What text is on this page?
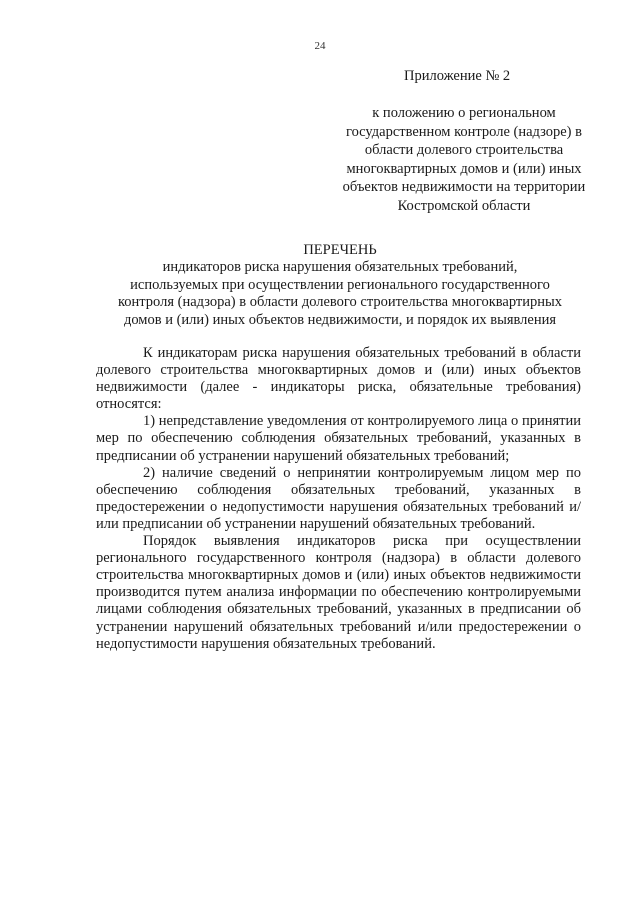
24
Приложение № 2
к положению о региональном
государственном контроле (надзоре) в
области долевого строительства
многоквартирных домов и (или) иных
объектов недвижимости на территории
Костромской области
ПЕРЕЧЕНЬ
индикаторов риска нарушения обязательных требований,
используемых при осуществлении регионального государственного
контроля (надзора) в области долевого строительства многоквартирных
домов и (или) иных объектов недвижимости, и порядок их выявления

К индикаторам риска нарушения обязательных требований в области долевого строительства многоквартирных домов и (или) иных объектов недвижимости (далее - индикаторы риска, обязательные требования) относятся:

1) непредставление уведомления от контролируемого лица о принятии мер по обеспечению соблюдения обязательных требований, указанных в предписании об устранении нарушений обязательных требований;

2) наличие сведений о непринятии контролируемым лицом мер по обеспечению соблюдения обязательных требований, указанных в предостережении о недопустимости нарушения обязательных требований и/или предписании об устранении нарушений обязательных требований.

Порядок выявления индикаторов риска при осуществлении регионального государственного контроля (надзора) в области долевого строительства многоквартирных домов и (или) иных объектов недвижимости производится путем анализа информации по обеспечению контролируемыми лицами соблюдения обязательных требований, указанных в предписании об устранении нарушений обязательных требований и/или предостережении о недопустимости нарушения обязательных требований.
